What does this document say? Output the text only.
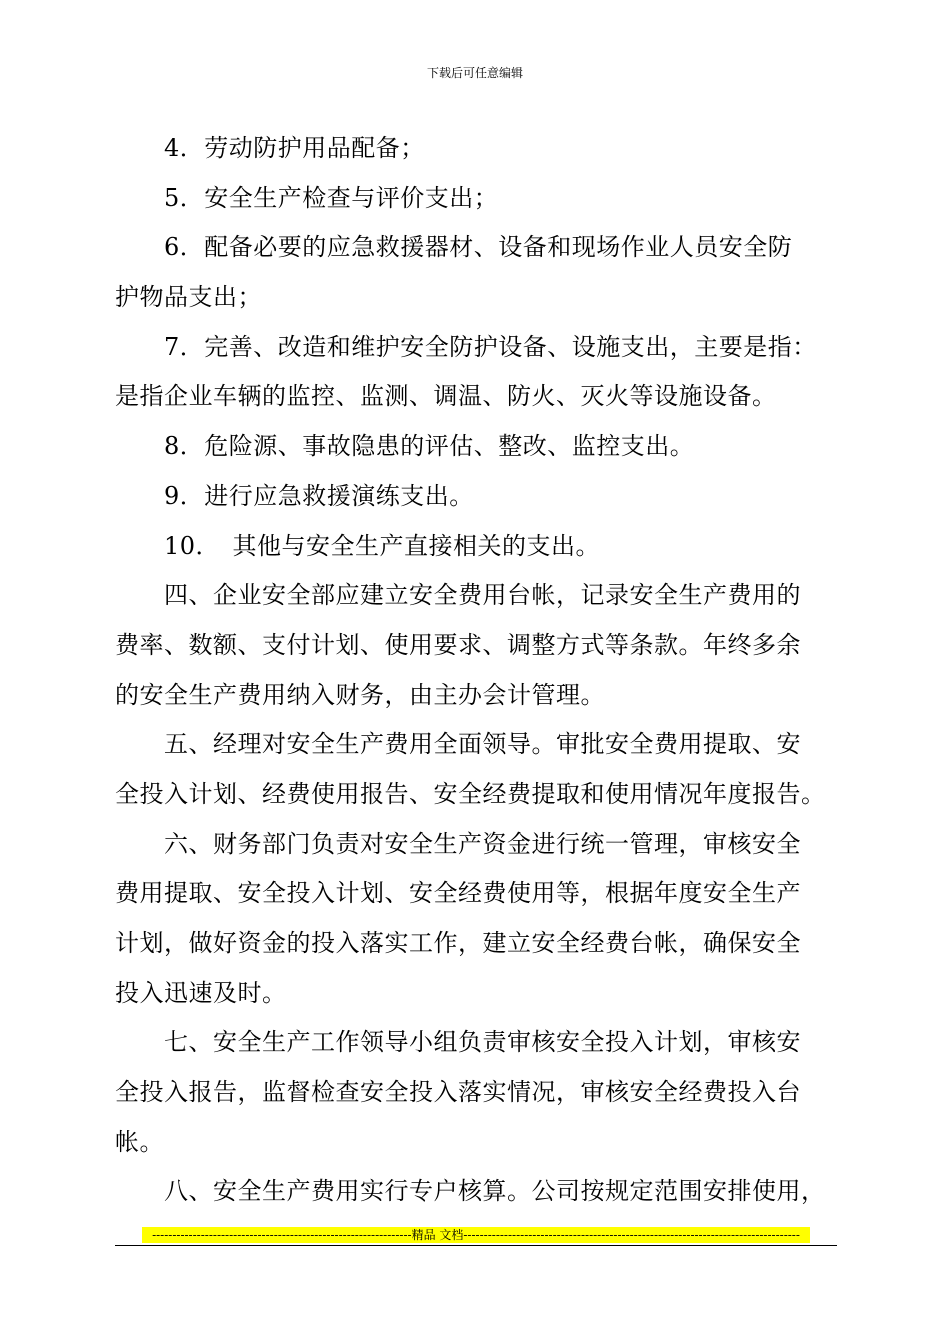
下载后可任意编辑
4．劳动防护用品配备；
5．安全生产检查与评价支出；
6．配备必要的应急救援器材、设备和现场作业人员安全防
护物品支出；
7．完善、改造和维护安全防护设备、设施支出，主要是指：
是指企业车辆的监控、监测、调温、防火、灭火等设施设备。
8．危险源、事故隐患的评估、整改、监控支出。
9．进行应急救援演练支出。
10．　其他与安全生产直接相关的支出。
四、企业安全部应建立安全费用台帐，记录安全生产费用的
费率、数额、支付计划、使用要求、调整方式等条款。年终多余
的安全生产费用纳入财务，由主办会计管理。
五、经理对安全生产费用全面领导。审批安全费用提取、安
全投入计划、经费使用报告、安全经费提取和使用情况年度报告。
六、财务部门负责对安全生产资金进行统一管理，审核安全
费用提取、安全投入计划、安全经费使用等，根据年度安全生产
计划，做好资金的投入落实工作，建立安全经费台帐，确保安全
投入迅速及时。
七、安全生产工作领导小组负责审核安全投入计划，审核安
全投入报告，监督检查安全投入落实情况，审核安全经费投入台
帐。
八、安全生产费用实行专户核算。公司按规定范围安排使用，
----------------------------------------------------------------精品 文档-----------------------------------------------------------------------------------
